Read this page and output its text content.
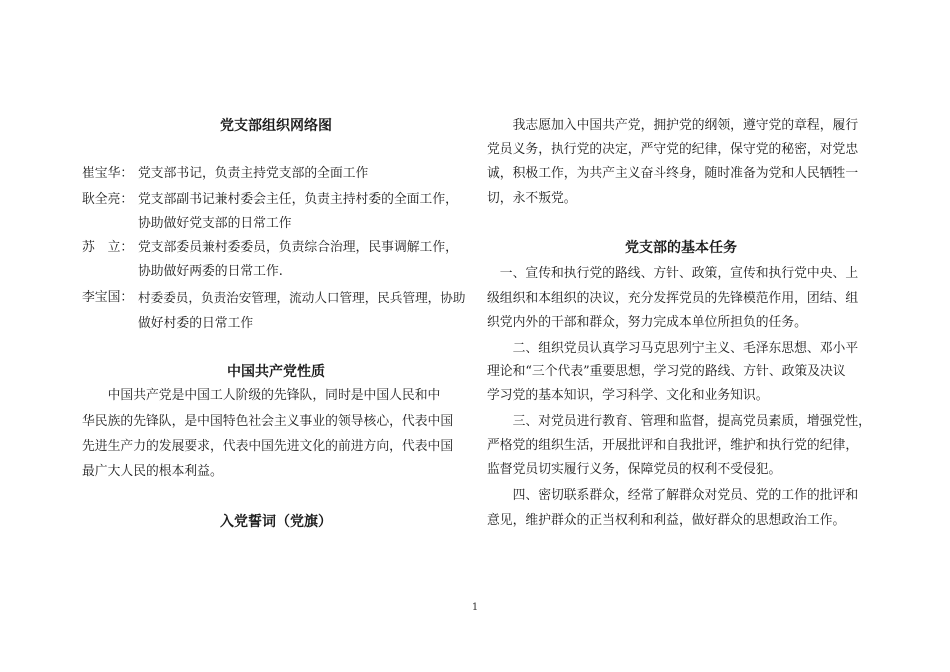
党支部组织网络图
崔宝华： 党支部书记，负责主持党支部的全面工作
耿全亮： 党支部副书记兼村委会主任，负责主持村委的全面工作，
协助做好党支部的日常工作
苏　立： 党支部委员兼村委委员，负责综合治理，民事调解工作，
协助做好两委的日常工作.
李宝国： 村委委员，负责治安管理，流动人口管理，民兵管理，协助
做好村委的日常工作
中国共产党性质
　　中国共产党是中国工人阶级的先锋队，同时是中国人民和中
华民族的先锋队，是中国特色社会主义事业的领导核心，代表中国
先进生产力的发展要求，代表中国先进文化的前进方向，代表中国
最广大人民的根本利益。
入党誓词（党旗）
　　我志愿加入中国共产党，拥护党的纲领，遵守党的章程，履行
党员义务，执行党的决定，严守党的纪律，保守党的秘密，对党忠
诚，积极工作，为共产主义奋斗终身，随时准备为党和人民牺牲一
切，永不叛党。
党支部的基本任务
　一、宣传和执行党的路线、方针、政策，宣传和执行党中央、上
级组织和本组织的决议，充分发挥党员的先锋模范作用，团结、组
织党内外的干部和群众，努力完成本单位所担负的任务。
　　二、组织党员认真学习马克思列宁主义、毛泽东思想、邓小平
理论和“三个代表”重要思想，学习党的路线、方针、政策及决议
学习党的基本知识，学习科学、文化和业务知识。
　　三、对党员进行教育、管理和监督，提高党员素质，增强党性，
严格党的组织生活，开展批评和自我批评，维护和执行党的纪律，
监督党员切实履行义务，保障党员的权利不受侵犯。
　　四、密切联系群众，经常了解群众对党员、党的工作的批评和
意见，维护群众的正当权利和利益，做好群众的思想政治工作。
1
